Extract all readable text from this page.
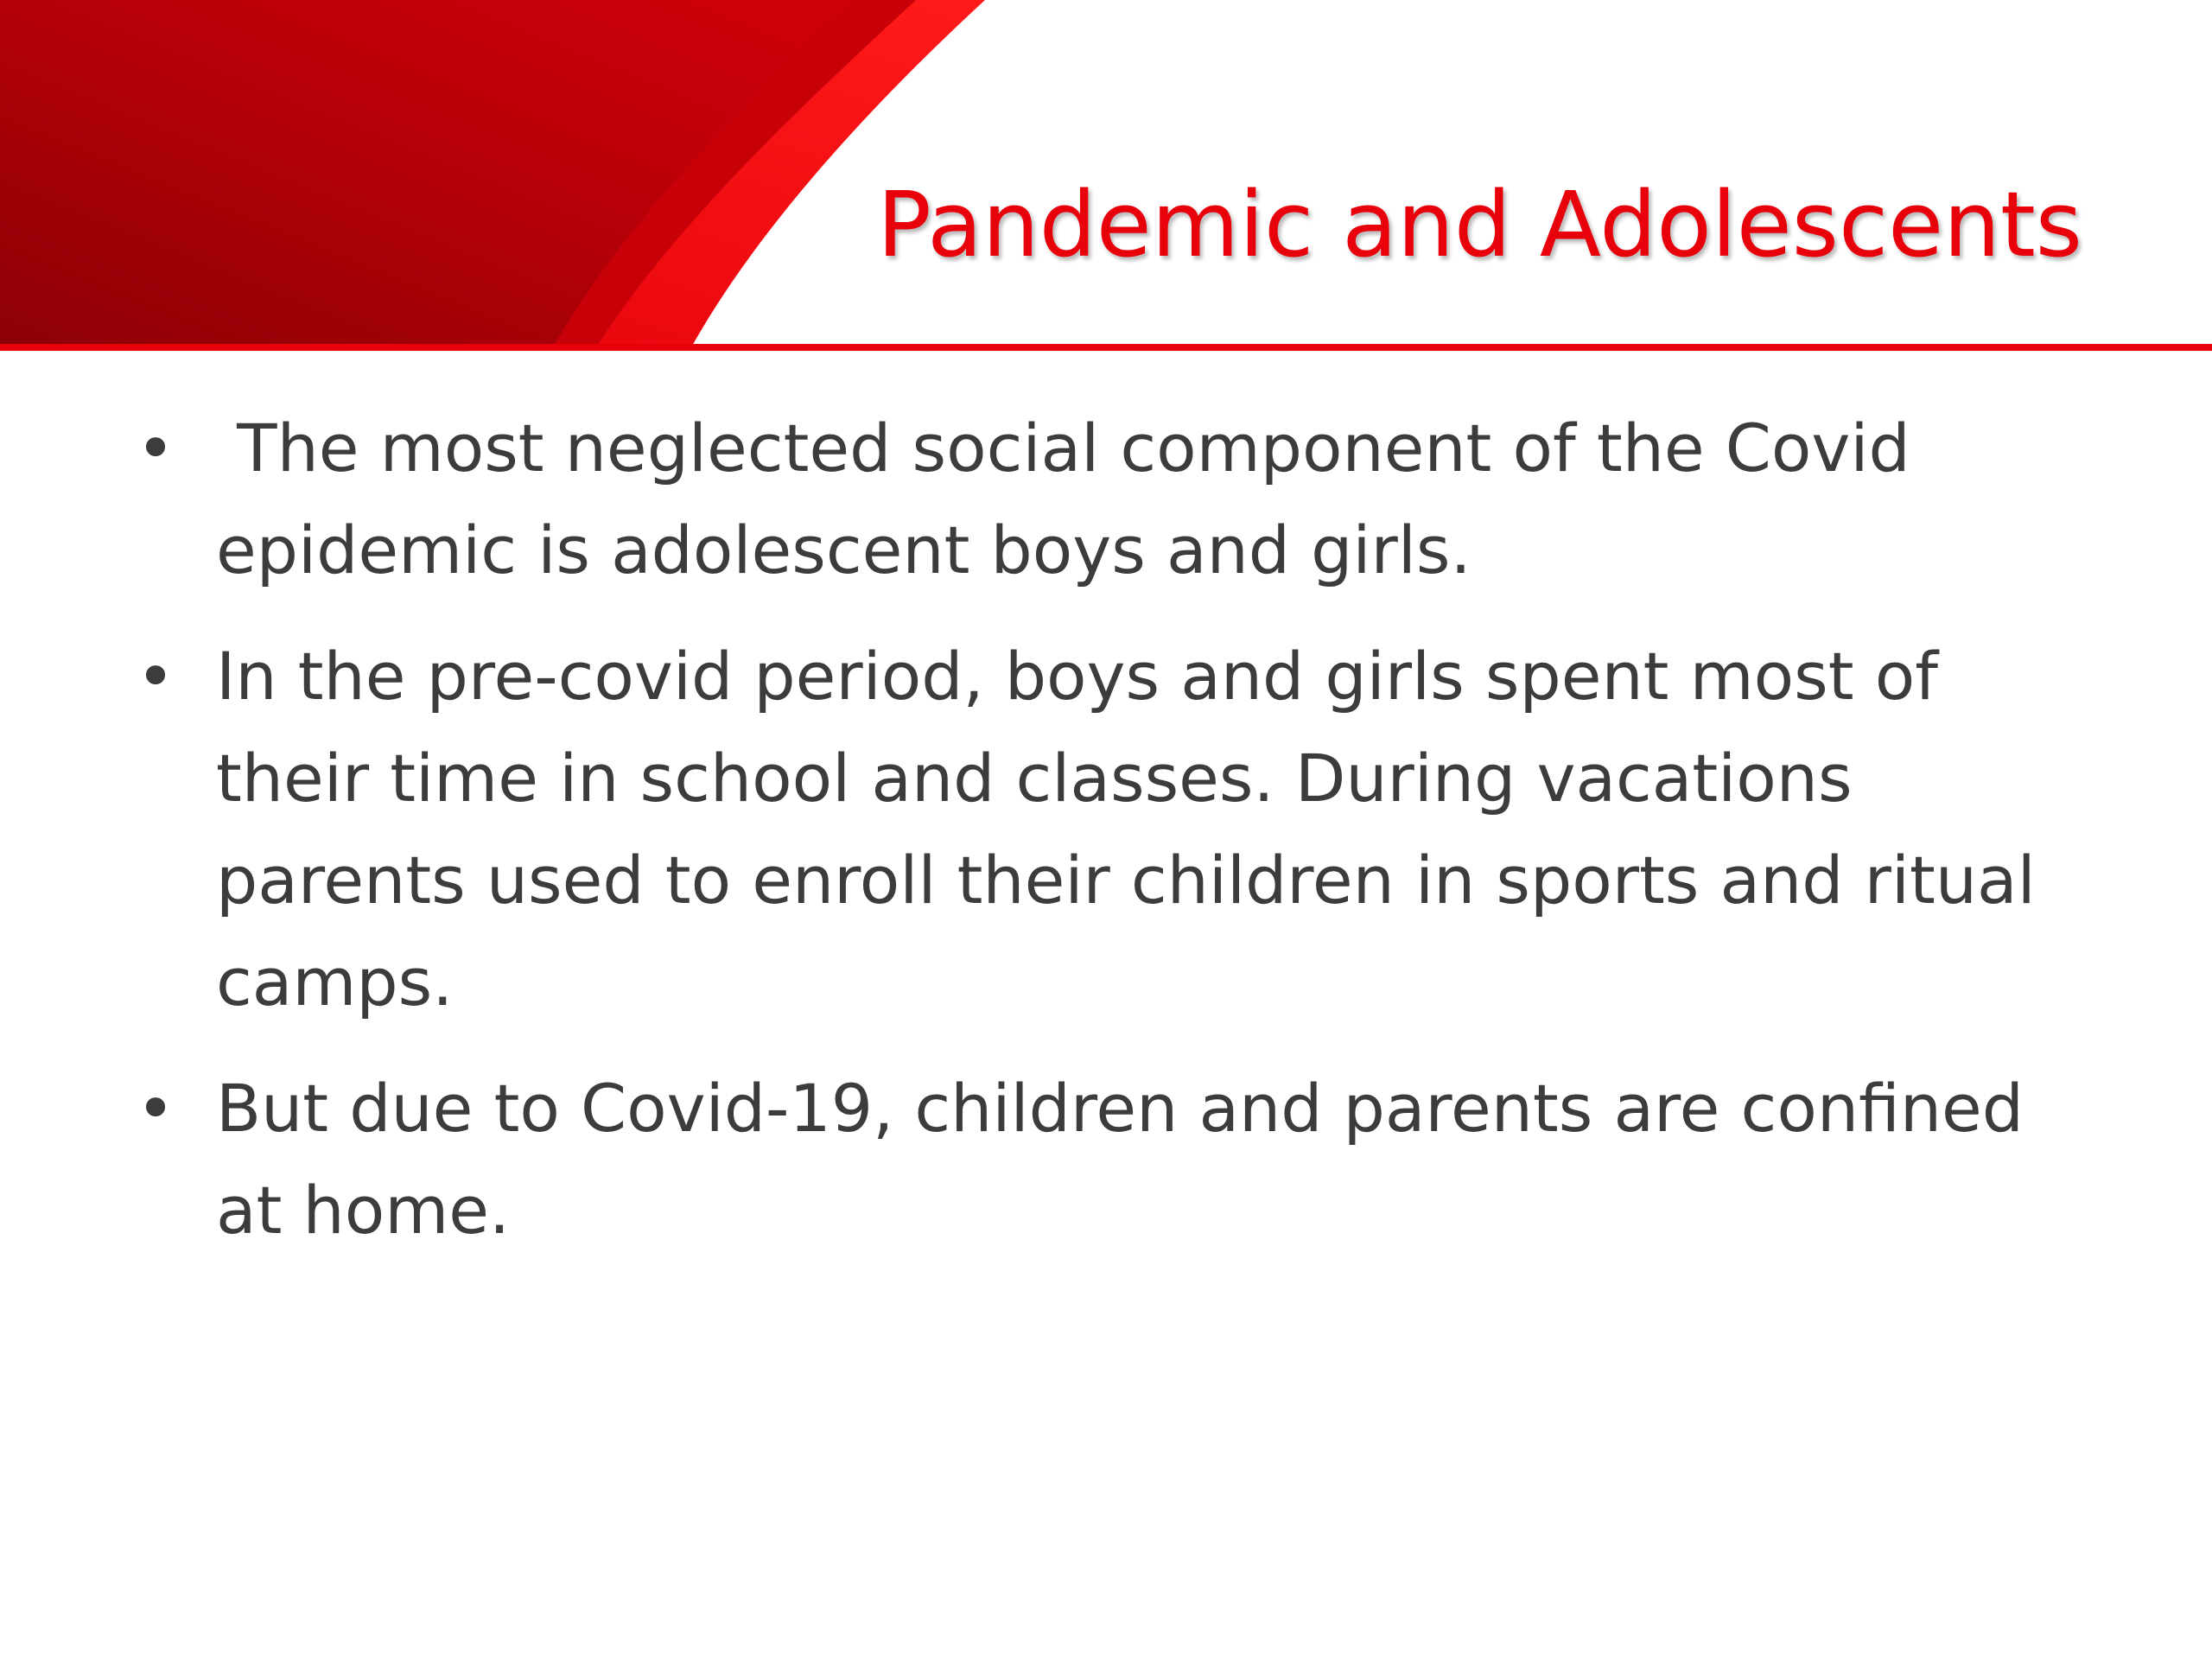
Pandemic and Adolescents
• The most neglected social component of the Covid epidemic is adolescent boys and girls.
• In the pre-covid period, boys and girls spent most of their time in school and classes. During vacations parents used to enroll their children in sports and ritual camps.
• But due to Covid-19, children and parents are confined at home.
